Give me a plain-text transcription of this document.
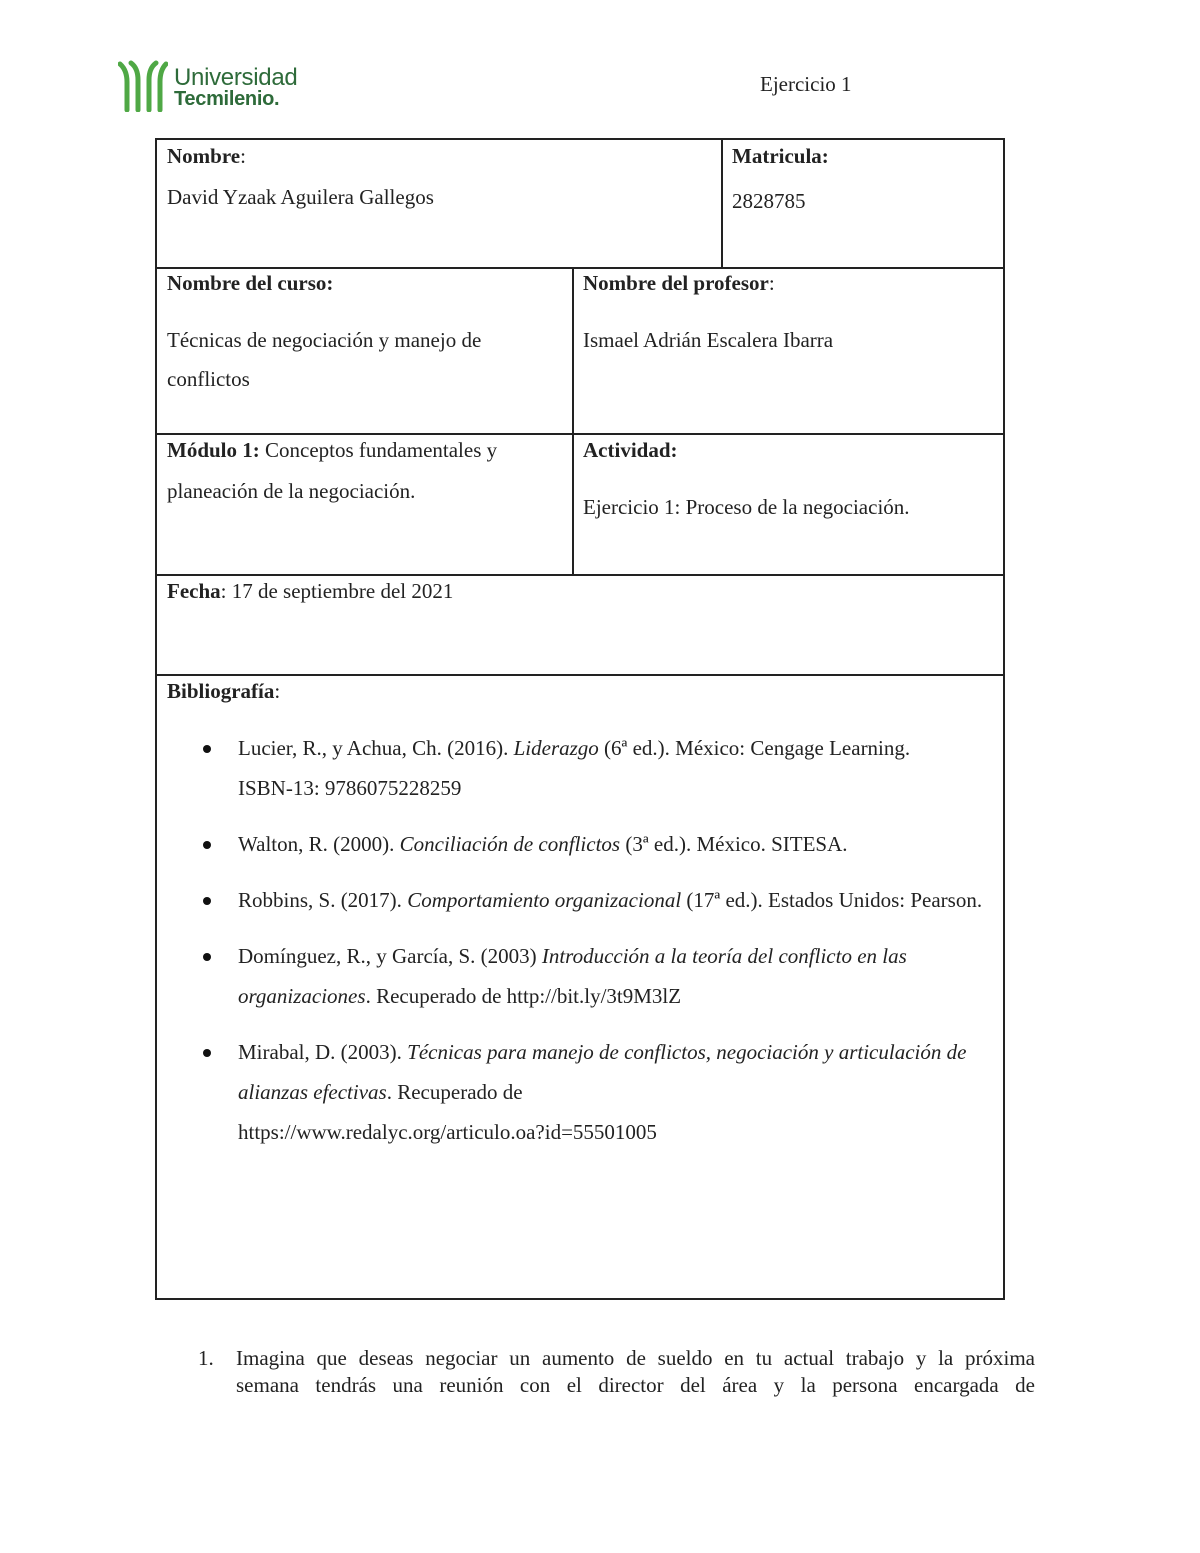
Universidad
Tecmilenio.
Ejercicio 1
Nombre:
David Yzaak Aguilera Gallegos
Matricula:
2828785
Nombre del curso:
Técnicas de negociación y manejo de
conflictos
Nombre del profesor:
Ismael Adrián Escalera Ibarra
Módulo 1: Conceptos fundamentales y
planeación de la negociación.
Actividad:
Ejercicio 1: Proceso de la negociación.
Fecha: 17 de septiembre del 2021
Bibliografía:
Lucier, R., y Achua, Ch. (2016). Liderazgo (6ª ed.). México: Cengage Learning.
ISBN-13: 9786075228259
Walton, R. (2000). Conciliación de conflictos (3ª ed.). México. SITESA.
Robbins, S. (2017). Comportamiento organizacional (17ª ed.). Estados Unidos: Pearson.
Domínguez, R., y García, S. (2003) Introducción a la teoría del conflicto en las organizaciones. Recuperado de http://bit.ly/3t9M3lZ
Mirabal, D. (2003). Técnicas para manejo de conflictos, negociación y articulación de alianzas efectivas. Recuperado de
https://www.redalyc.org/articulo.oa?id=55501005
1. Imagina que deseas negociar un aumento de sueldo en tu actual trabajo y la próxima
semana tendrás una reunión con el director del área y la persona encargada de
